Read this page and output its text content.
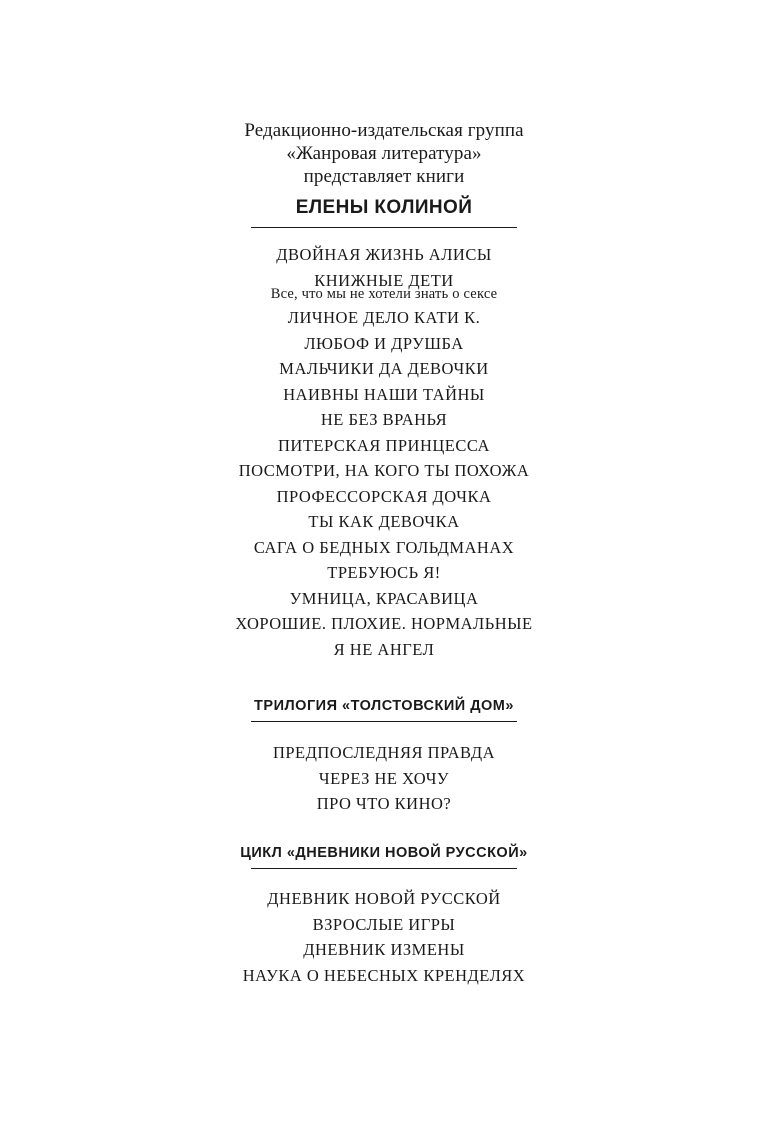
Редакционно-издательская группа
«Жанровая литература»
представляет книги
ЕЛЕНЫ КОЛИНОЙ
ДВОЙНАЯ ЖИЗНЬ АЛИСЫ
КНИЖНЫЕ ДЕТИ
Все, что мы не хотели знать о сексе
ЛИЧНОЕ ДЕЛО КАТИ К.
ЛЮБОФ И ДРУШБА
МАЛЬЧИКИ ДА ДЕВОЧКИ
НАИВНЫ НАШИ ТАЙНЫ
НЕ БЕЗ ВРАНЬЯ
ПИТЕРСКАЯ ПРИНЦЕССА
ПОСМОТРИ, НА КОГО ТЫ ПОХОЖА
ПРОФЕССОРСКАЯ ДОЧКА
ТЫ КАК ДЕВОЧКА
САГА О БЕДНЫХ ГОЛЬДМАНАХ
ТРЕБУЮСЬ Я!
УМНИЦА, КРАСАВИЦА
ХОРОШИЕ. ПЛОХИЕ. НОРМАЛЬНЫЕ
Я НЕ АНГЕЛ
ТРИЛОГИЯ «ТОЛСТОВСКИЙ ДОМ»
ПРЕДПОСЛЕДНЯЯ ПРАВДА
ЧЕРЕЗ НЕ ХОЧУ
ПРО ЧТО КИНО?
ЦИКЛ «ДНЕВНИКИ НОВОЙ РУССКОЙ»
ДНЕВНИК НОВОЙ РУССКОЙ
ВЗРОСЛЫЕ ИГРЫ
ДНЕВНИК ИЗМЕНЫ
НАУКА О НЕБЕСНЫХ КРЕНДЕЛЯХ
